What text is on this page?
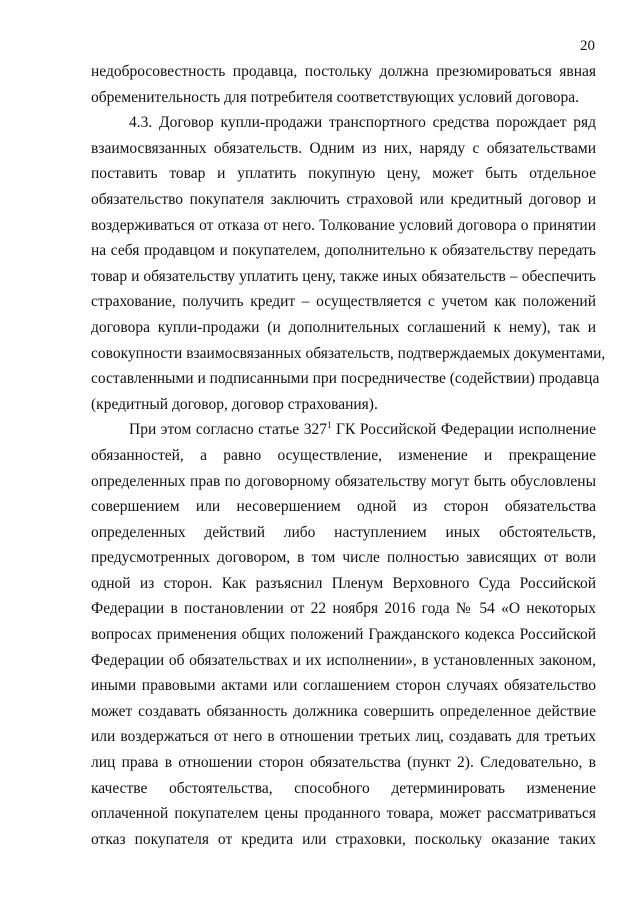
20

недобросовестность продавца, постольку должна презюмироваться явная

обременительность для потребителя соответствующих условий договора.

4.3. Договор купли-продажи транспортного средства порождает ряд

взаимосвязанных обязательств. Одним из них, наряду с обязательствами

поставить товар и уплатить покупную цену, может быть отдельное

обязательство покупателя заключить страховой или кредитный договор и

воздерживаться от отказа от него. Толкование условий договора о принятии

на себя продавцом и покупателем, дополнительно к обязательству передать

товар и обязательству уплатить цену, также иных обязательств – обеспечить

страхование, получить кредит – осуществляется с учетом как положений

договора купли-продажи (и дополнительных соглашений к нему), так и

совокупности взаимосвязанных обязательств, подтверждаемых документами,

составленными и подписанными при посредничестве (содействии) продавца

(кредитный договор, договор страхования).

При этом согласно статье $327^1$ ГК Российской Федерации исполнение

обязанностей, а равно осуществление, изменение и прекращение

определенных прав по договорному обязательству могут быть обусловлены

совершением или несовершением одной из сторон обязательства

определенных действий либо наступлением иных обстоятельств,

предусмотренных договором, в том числе полностью зависящих от воли

одной из сторон. Как разъяснил Пленум Верховного Суда Российской

Федерации в постановлении от 22 ноября 2016 года № 54 «О некоторых

вопросах применения общих положений Гражданского кодекса Российской

Федерации об обязательствах и их исполнении», в установленных законом,

иными правовыми актами или соглашением сторон случаях обязательство

может создавать обязанность должника совершить определенное действие

или воздержаться от него в отношении третьих лиц, создавать для третьих

лиц права в отношении сторон обязательства (пункт 2). Следовательно, в

качестве обстоятельства, способного детерминировать изменение

оплаченной покупателем цены проданного товара, может рассматриваться

отказ покупателя от кредита или страховки, поскольку оказание таких
